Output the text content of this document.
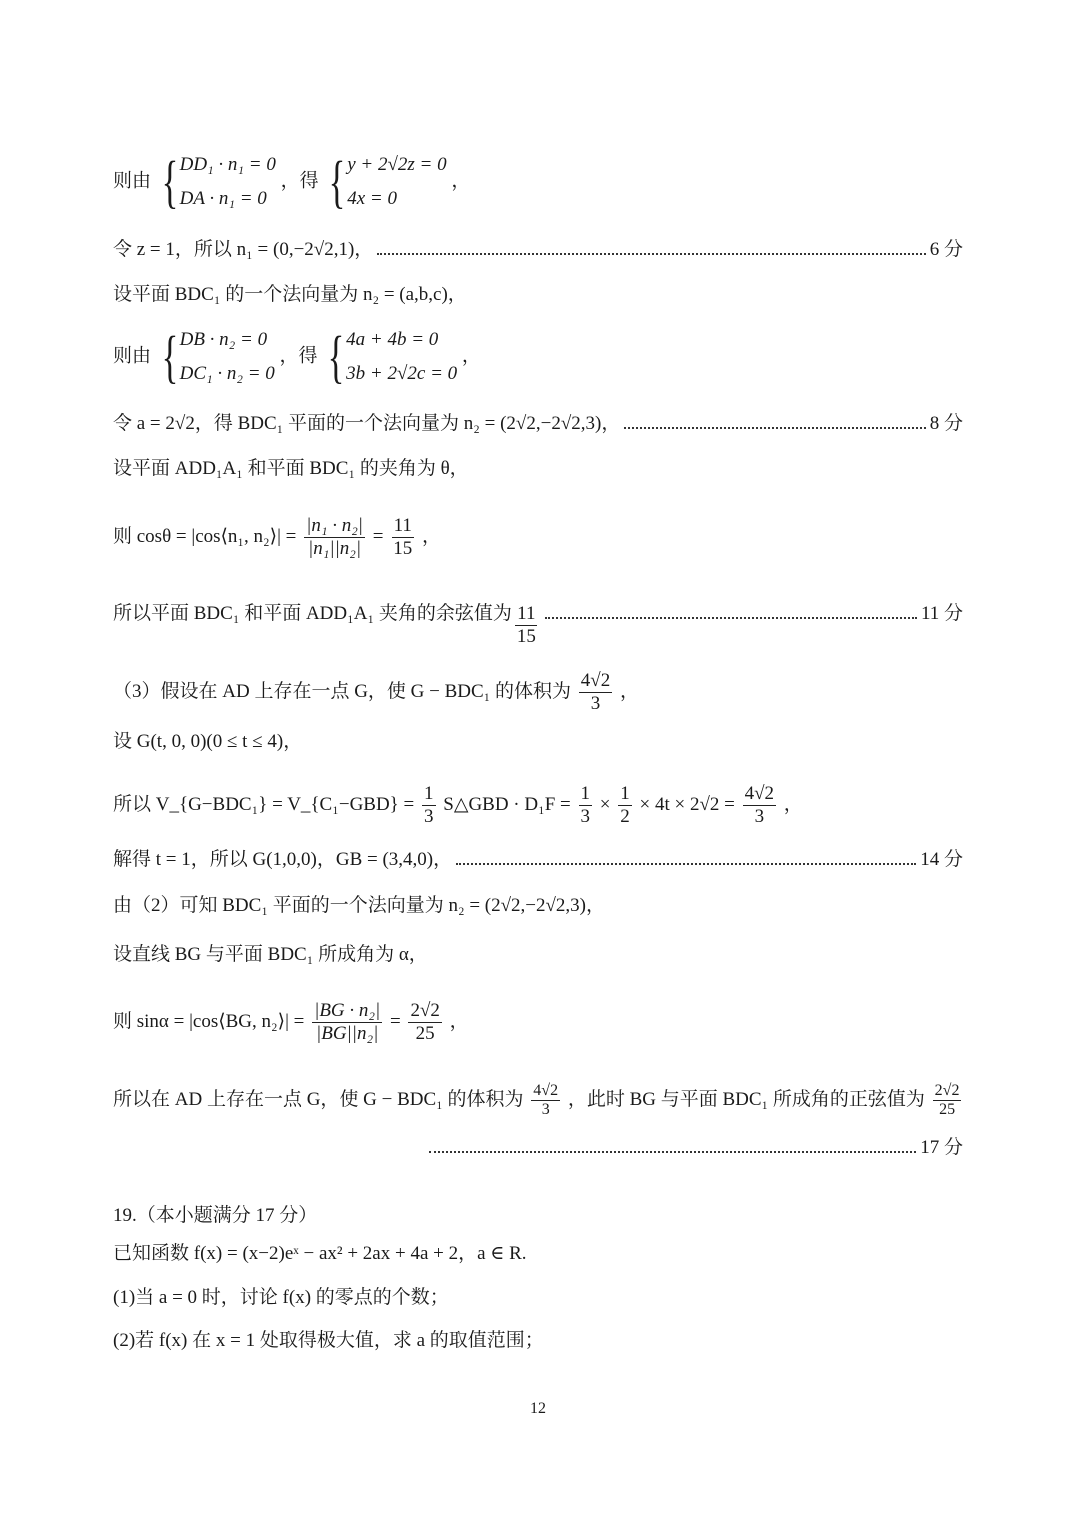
则由 { DD₁ · n₁ = 0
DA · n₁ = 0
，得 { y + 2√2z = 0
4x = 0
，
令 z = 1，所以 n₁ = (0,−2√2,1)，	6 分
设平面 BDC₁ 的一个法向量为 n₂ = (a,b,c)，
则由 { DB · n₂ = 0
DC₁ · n₂ = 0
，得 { 4a + 4b = 0
3b + 2√2c = 0
，
令 a = 2√2，得 BDC₁ 平面的一个法向量为 n₂ = (2√2,−2√2,3)，	8 分
设平面 ADD₁A₁ 和平面 BDC₁ 的夹角为 θ，
则 cosθ = |cos⟨n₁, n₂⟩| = $\frac{\text{|n₁ · n₂|}}{\text{|n₁||n₂|}} = \frac{11}{15}$ ，
所以平面 BDC₁ 和平面 ADD₁A₁ 夹角的余弦值为 $\frac{11}{15}$	11 分
（3）假设在 AD 上存在一点 G，使 G − BDC₁ 的体积为 $\frac{4√2}{3}$ ，
设 G(t, 0, 0)(0 ≤ t ≤ 4)，
所以 V_{G−BDC₁} = V_{C₁−GBD} = $\frac{1}{3}$ S△GBD · $D_1F = \frac{1}{3} \times \frac{1}{2} \times 4t \times 2√2 = \frac{4√2}{3}$ ，
解得 t = 1，所以 G(1,0,0)，GB = (3,4,0)，	14 分
由（2）可知 BDC₁ 平面的一个法向量为 n₂ = (2√2,−2√2,3)，
设直线 BG 与平面 BDC₁ 所成角为 α，
则 sinα = |cos⟨BG, n₂⟩| = $\frac{\text{|BG · n₂|}}{\text{|BG||n₂|}} = \frac{2√2}{25}$ ，
所以在 AD 上存在一点 G，使 G − BDC₁ 的体积为 $\frac{4√2}{3}$ ，此时 BG 与平面 BDC₁ 所成角的正弦值为 $\frac{2√2}{25}$
17 分
19.（本小题满分 17 分）
已知函数 f(x) = (x−2)eˣ − ax² + 2ax + 4a + 2，a ∈ R.
(1)当 a = 0 时，讨论 f(x) 的零点的个数；
(2)若 f(x) 在 x = 1 处取得极大值，求 a 的取值范围；
12
